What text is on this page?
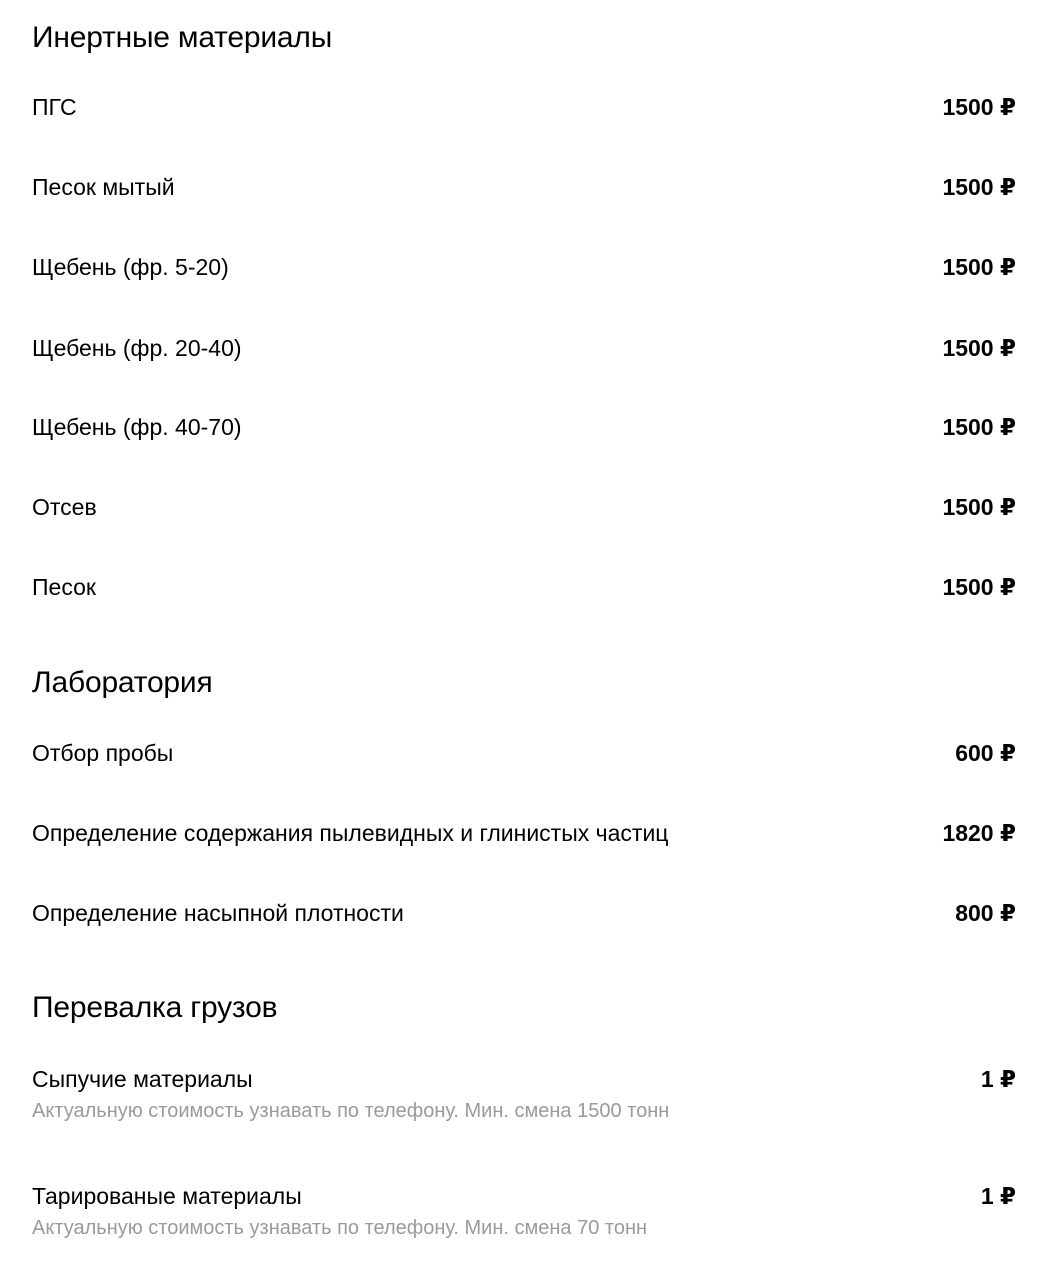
Инертные материалы
ПГС	1500 ₽
Песок мытый	1500 ₽
Щебень (фр. 5-20)	1500 ₽
Щебень (фр. 20-40)	1500 ₽
Щебень (фр. 40-70)	1500 ₽
Отсев	1500 ₽
Песок	1500 ₽
Лаборатория
Отбор пробы	600 ₽
Определение содержания пылевидных и глинистых частиц	1820 ₽
Определение насыпной плотности	800 ₽
Перевалка грузов
Сыпучие материалы	1 ₽
Актуальную стоимость узнавать по телефону. Мин. смена 1500 тонн
Тарированые материалы	1 ₽
Актуальную стоимость узнавать по телефону. Мин. смена 70 тонн
